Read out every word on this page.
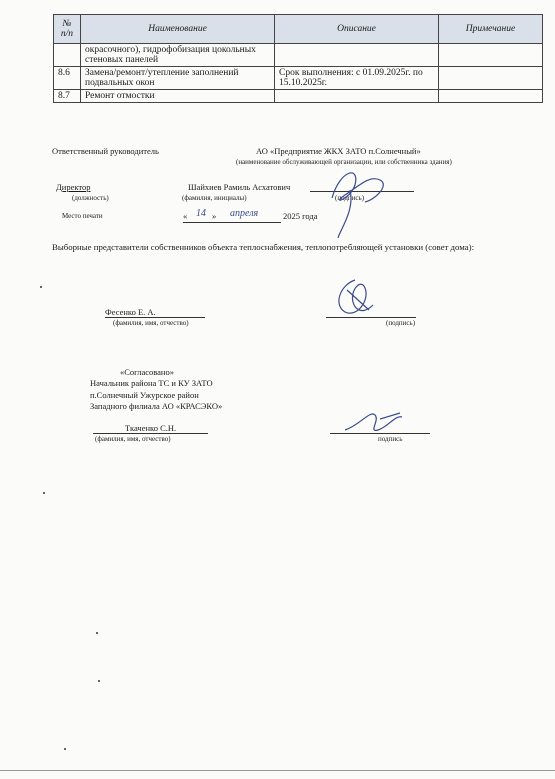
№ п/п	Наименование	Описание	Примечание
	окрасочного), гидрофобизация цокольных стеновых панелей		
8.6	Замена/ремонт/утепление заполнений подвальных окон	Срок выполнения: с 01.09.2025г. по 15.10.2025г.	
8.7	Ремонт отмостки		
Ответственный руководитель	АО «Предприятие ЖКХ ЗАТО п.Солнечный»
(наименование обслуживающей организации, или собственника здания)
Директор	Шайхиев Рамиль Асхатович
(должность)	(фамилия, инициалы)	(подпись)
Место печати	« 14 » апреля	2025 года
Выборные представители собственников объекта теплоснабжения, теплопотребляющей установки (совет дома):
Фесенко Е. А.
(фамилия, имя, отчество)	(подпись)
«Согласовано»
Начальник района ТС и КУ ЗАТО
п.Солнечный Ужурское район
Западного филиала АО «КРАСЭКО»
Ткаченко С.Н.
(фамилия, имя, отчество)	подпись
